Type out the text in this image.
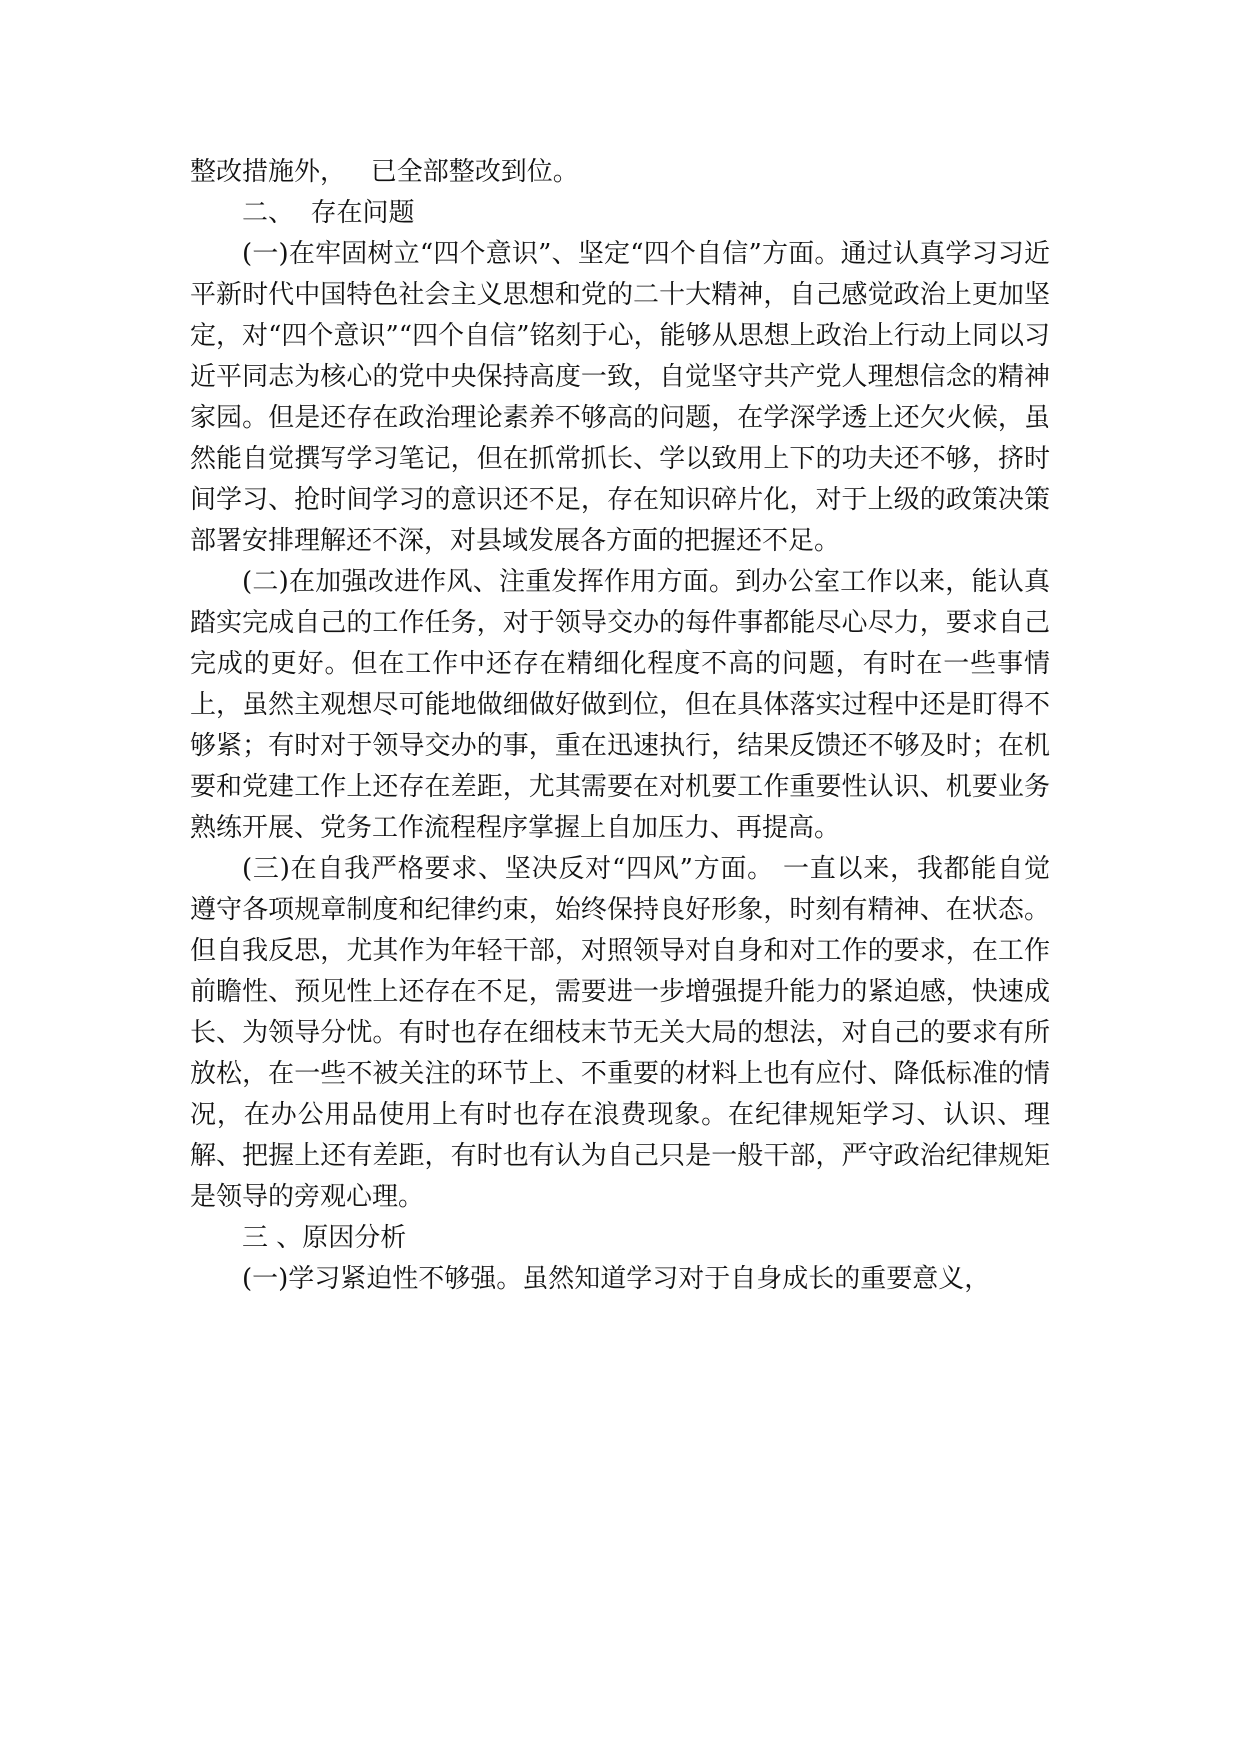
整改措施外，   已全部整改到位。

二、  存在问题

(一)在牢固树立“四个意识”、坚定“四个自信”方面。通过认真学习习近平新时代中国特色社会主义思想和党的二十大精神，自己感觉政治上更加坚定，对“四个意识”“四个自信”铭刻于心，能够从思想上政治上行动上同以习近平同志为核心的党中央保持高度一致，自觉坚守共产党人理想信念的精神家园。但是还存在政治理论素养不够高的问题，在学深学透上还欠火候，虽然能自觉撰写学习笔记，但在抓常抓长、学以致用上下的功夫还不够，挤时间学习、抢时间学习的意识还不足，存在知识碎片化，对于上级的政策决策部署安排理解还不深，对县域发展各方面的把握还不足。

(二)在加强改进作风、注重发挥作用方面。到办公室工作以来，能认真踏实完成自己的工作任务，对于领导交办的每件事都能尽心尽力，要求自己完成的更好。但在工作中还存在精细化程度不高的问题，有时在一些事情上，虽然主观想尽可能地做细做好做到位，但在具体落实过程中还是盯得不够紧；有时对于领导交办的事，重在迅速执行，结果反馈还不够及时；在机要和党建工作上还存在差距，尤其需要在对机要工作重要性认识、机要业务熟练开展、党务工作流程程序掌握上自加压力、再提高。

(三)在自我严格要求、坚决反对“四风”方面。 一直以来，我都能自觉遵守各项规章制度和纪律约束，始终保持良好形象，时刻有精神、在状态。但自我反思，尤其作为年轻干部，对照领导对自身和对工作的要求，在工作前瞻性、预见性上还存在不足，需要进一步增强提升能力的紧迫感，快速成长、为领导分忧。有时也存在细枝末节无关大局的想法，对自己的要求有所放松，在一些不被关注的环节上、不重要的材料上也有应付、降低标准的情况，在办公用品使用上有时也存在浪费现象。在纪律规矩学习、认识、理解、把握上还有差距，有时也有认为自己只是一般干部，严守政治纪律规矩是领导的旁观心理。

三 、原因分析

(一)学习紧迫性不够强。虽然知道学习对于自身成长的重要意义，
